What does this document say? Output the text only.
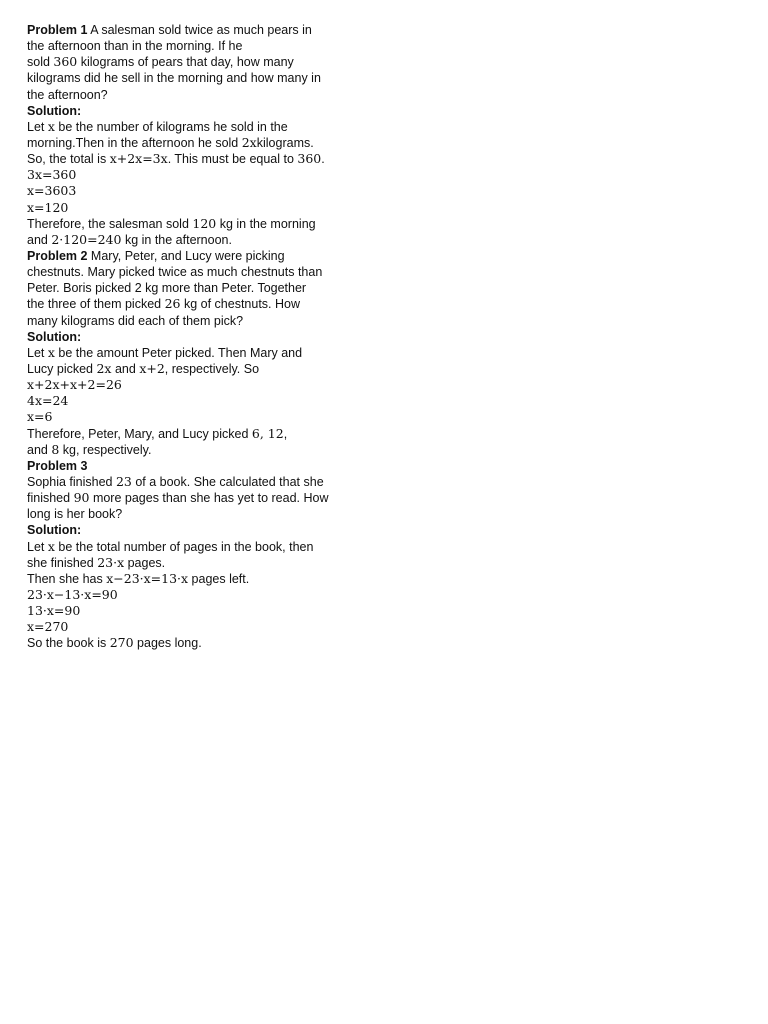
Problem 1 A salesman sold twice as much pears in
the afternoon than in the morning. If he
sold 360 kilograms of pears that day, how many
kilograms did he sell in the morning and how many in
the afternoon?
Solution:
Let x be the number of kilograms he sold in the
morning.Then in the afternoon he sold 2xkilograms.
So, the total is x+2x=3x. This must be equal to 360.
3x=360
x=3603
x=120
Therefore, the salesman sold 120 kg in the morning
and 2·120=240 kg in the afternoon.
Problem 2 Mary, Peter, and Lucy were picking
chestnuts. Mary picked twice as much chestnuts than
Peter. Boris picked 2 kg more than Peter. Together
the three of them picked 26 kg of chestnuts. How
many kilograms did each of them pick?
Solution:
Let x be the amount Peter picked. Then Mary and
Lucy picked 2x and x+2, respectively. So
x+2x+x+2=26
4x=24
x=6
Therefore, Peter, Mary, and Lucy picked 6, 12,
and 8 kg, respectively.
Problem 3
Sophia finished 23 of a book. She calculated that she
finished 90 more pages than she has yet to read. How
long is her book?
Solution:
Let x be the total number of pages in the book, then
she finished 23·x pages.
Then she has x−23·x=13·x pages left.
23·x−13·x=90
13·x=90
x=270
So the book is 270 pages long.
